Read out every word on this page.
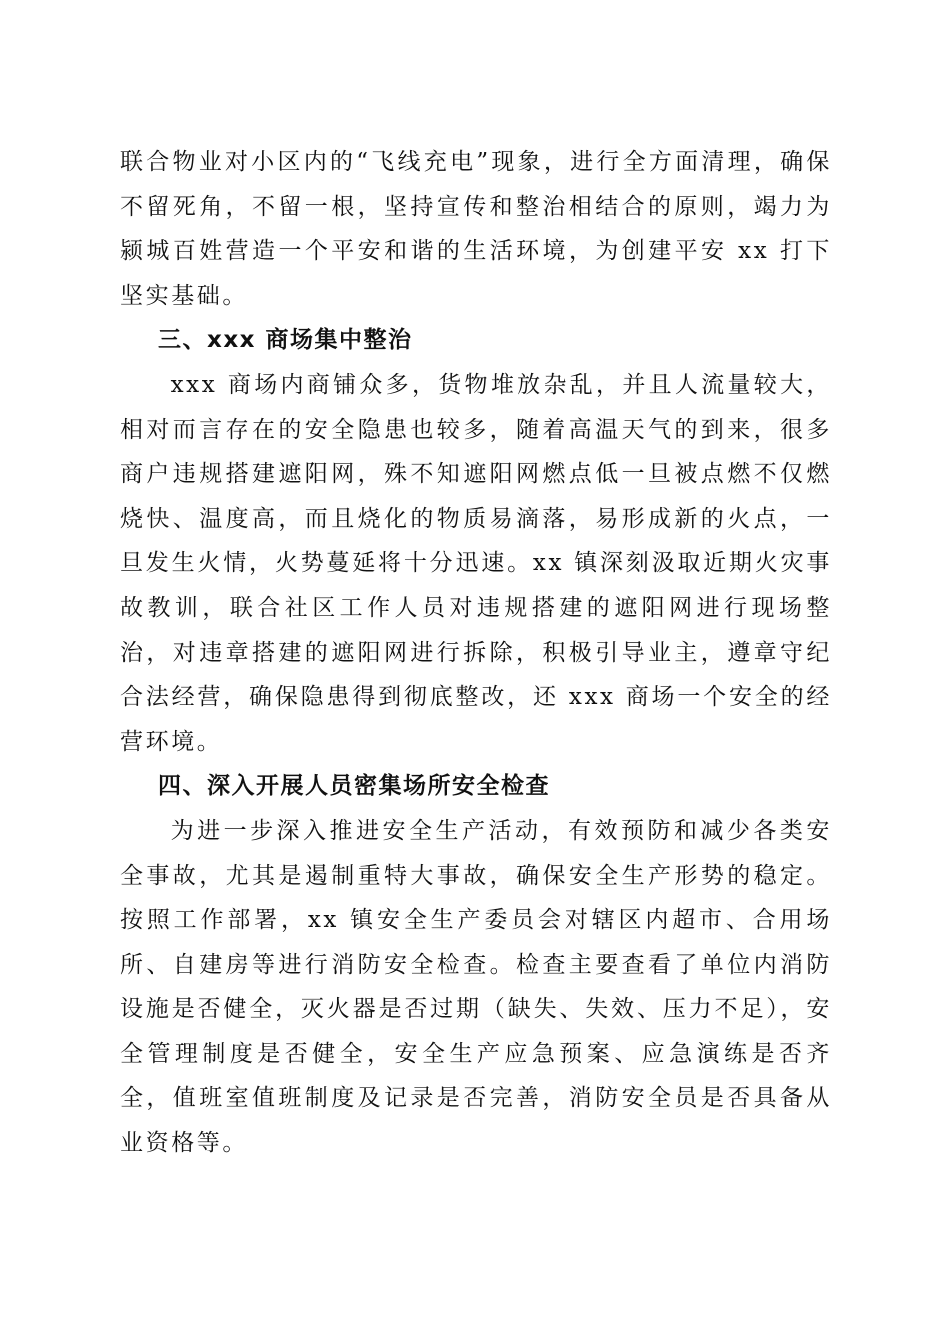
联合物业对小区内的“飞线充电”现象，进行全方面清理，确保不留死角，不留一根，坚持宣传和整治相结合的原则，竭力为颍城百姓营造一个平安和谐的生活环境，为创建平安 xx 打下坚实基础。

三、xxx 商场集中整治

xxx 商场内商铺众多，货物堆放杂乱，并且人流量较大，相对而言存在的安全隐患也较多，随着高温天气的到来，很多商户违规搭建遮阳网，殊不知遮阳网燃点低一旦被点燃不仅燃烧快、温度高，而且烧化的物质易滴落，易形成新的火点，一旦发生火情，火势蔓延将十分迅速。xx 镇深刻汲取近期火灾事故教训，联合社区工作人员对违规搭建的遮阳网进行现场整治，对违章搭建的遮阳网进行拆除，积极引导业主，遵章守纪合法经营，确保隐患得到彻底整改，还 xxx 商场一个安全的经营环境。

四、深入开展人员密集场所安全检查

为进一步深入推进安全生产活动，有效预防和减少各类安全事故，尤其是遏制重特大事故，确保安全生产形势的稳定。按照工作部署，xx 镇安全生产委员会对辖区内超市、合用场所、自建房等进行消防安全检查。检查主要查看了单位内消防设施是否健全，灭火器是否过期（缺失、失效、压力不足），安全管理制度是否健全，安全生产应急预案、应急演练是否齐全，值班室值班制度及记录是否完善，消防安全员是否具备从业资格等。
